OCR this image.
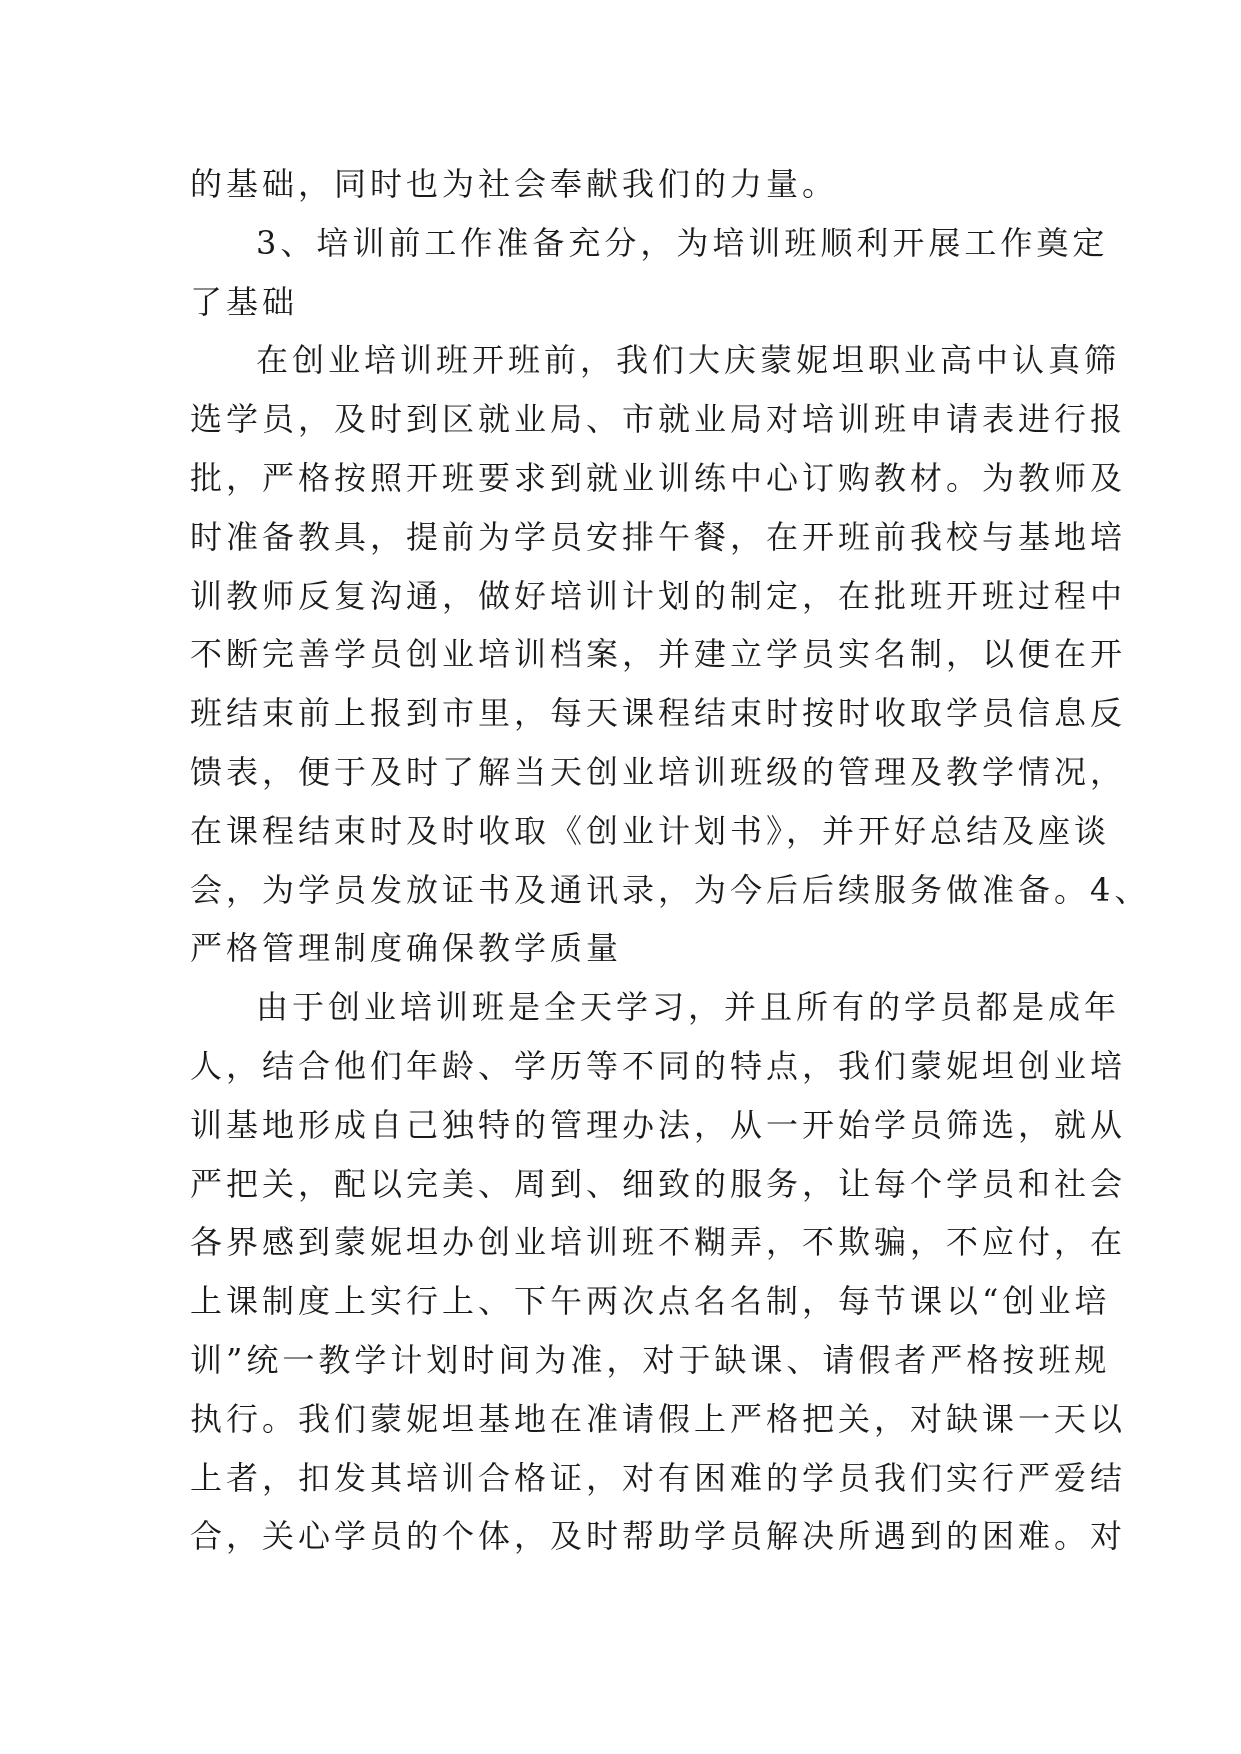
的基础，同时也为社会奉献我们的力量。
3、培训前工作准备充分，为培训班顺利开展工作奠定
了基础
在创业培训班开班前，我们大庆蒙妮坦职业高中认真筛
选学员，及时到区就业局、市就业局对培训班申请表进行报
批，严格按照开班要求到就业训练中心订购教材。为教师及
时准备教具，提前为学员安排午餐，在开班前我校与基地培
训教师反复沟通，做好培训计划的制定，在批班开班过程中
不断完善学员创业培训档案，并建立学员实名制，以便在开
班结束前上报到市里，每天课程结束时按时收取学员信息反
馈表，便于及时了解当天创业培训班级的管理及教学情况，
在课程结束时及时收取《创业计划书》，并开好总结及座谈
会，为学员发放证书及通讯录，为今后后续服务做准备。4、
严格管理制度确保教学质量
由于创业培训班是全天学习，并且所有的学员都是成年
人，结合他们年龄、学历等不同的特点，我们蒙妮坦创业培
训基地形成自己独特的管理办法，从一开始学员筛选，就从
严把关，配以完美、周到、细致的服务，让每个学员和社会
各界感到蒙妮坦办创业培训班不糊弄，不欺骗，不应付，在
上课制度上实行上、下午两次点名名制，每节课以“创业培
训”统一教学计划时间为准，对于缺课、请假者严格按班规
执行。我们蒙妮坦基地在准请假上严格把关，对缺课一天以
上者，扣发其培训合格证，对有困难的学员我们实行严爱结
合，关心学员的个体，及时帮助学员解决所遇到的困难。对
